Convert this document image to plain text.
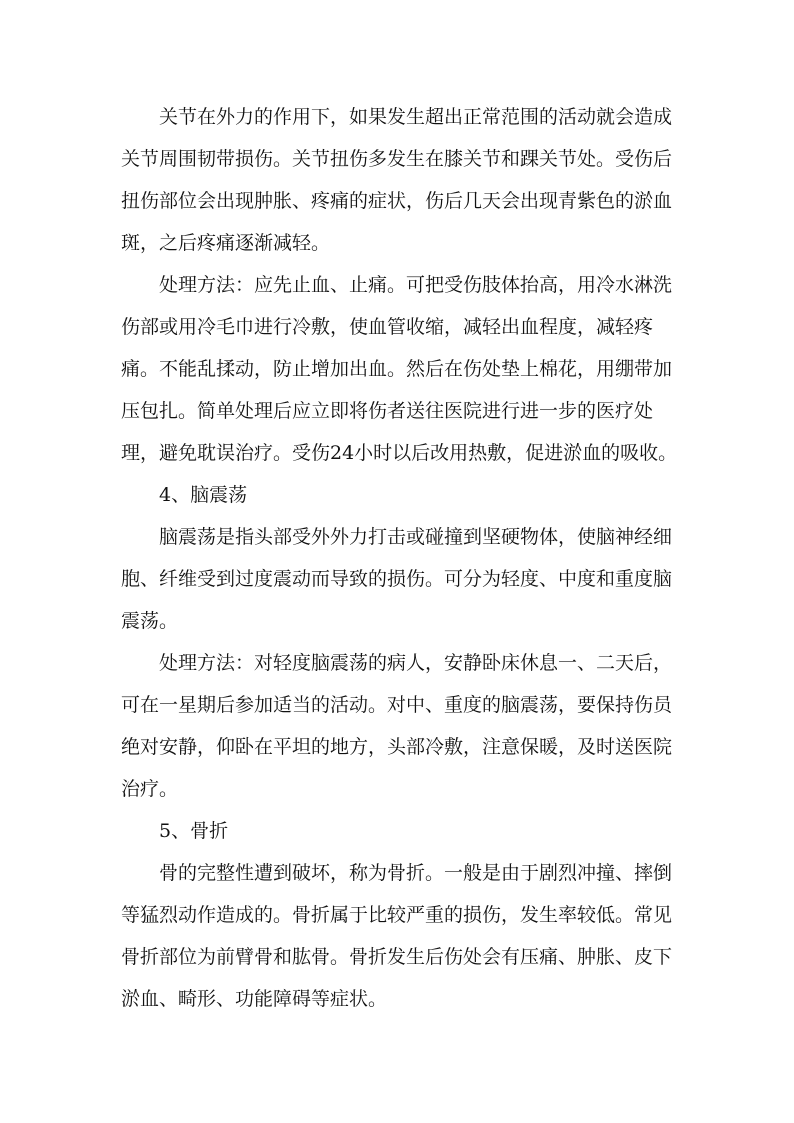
关节在外力的作用下，如果发生超出正常范围的活动就会造成

关节周围韧带损伤。关节扭伤多发生在膝关节和踝关节处。受伤后

扭伤部位会出现肿胀、疼痛的症状，伤后几天会出现青紫色的淤血

斑，之后疼痛逐渐减轻。

处理方法：应先止血、止痛。可把受伤肢体抬高，用冷水淋洗

伤部或用冷毛巾进行冷敷，使血管收缩，减轻出血程度，减轻疼

痛。不能乱揉动，防止增加出血。然后在伤处垫上棉花，用绷带加

压包扎。简单处理后应立即将伤者送往医院进行进一步的医疗处

理，避免耽误治疗。受伤24小时以后改用热敷，促进淤血的吸收。

4、脑震荡

脑震荡是指头部受外外力打击或碰撞到坚硬物体，使脑神经细

胞、纤维受到过度震动而导致的损伤。可分为轻度、中度和重度脑

震荡。

处理方法：对轻度脑震荡的病人，安静卧床休息一、二天后，

可在一星期后参加适当的活动。对中、重度的脑震荡，要保持伤员

绝对安静，仰卧在平坦的地方，头部冷敷，注意保暖，及时送医院

治疗。

5、骨折

骨的完整性遭到破坏，称为骨折。一般是由于剧烈冲撞、摔倒

等猛烈动作造成的。骨折属于比较严重的损伤，发生率较低。常见

骨折部位为前臂骨和肱骨。骨折发生后伤处会有压痛、肿胀、皮下

淤血、畸形、功能障碍等症状。
